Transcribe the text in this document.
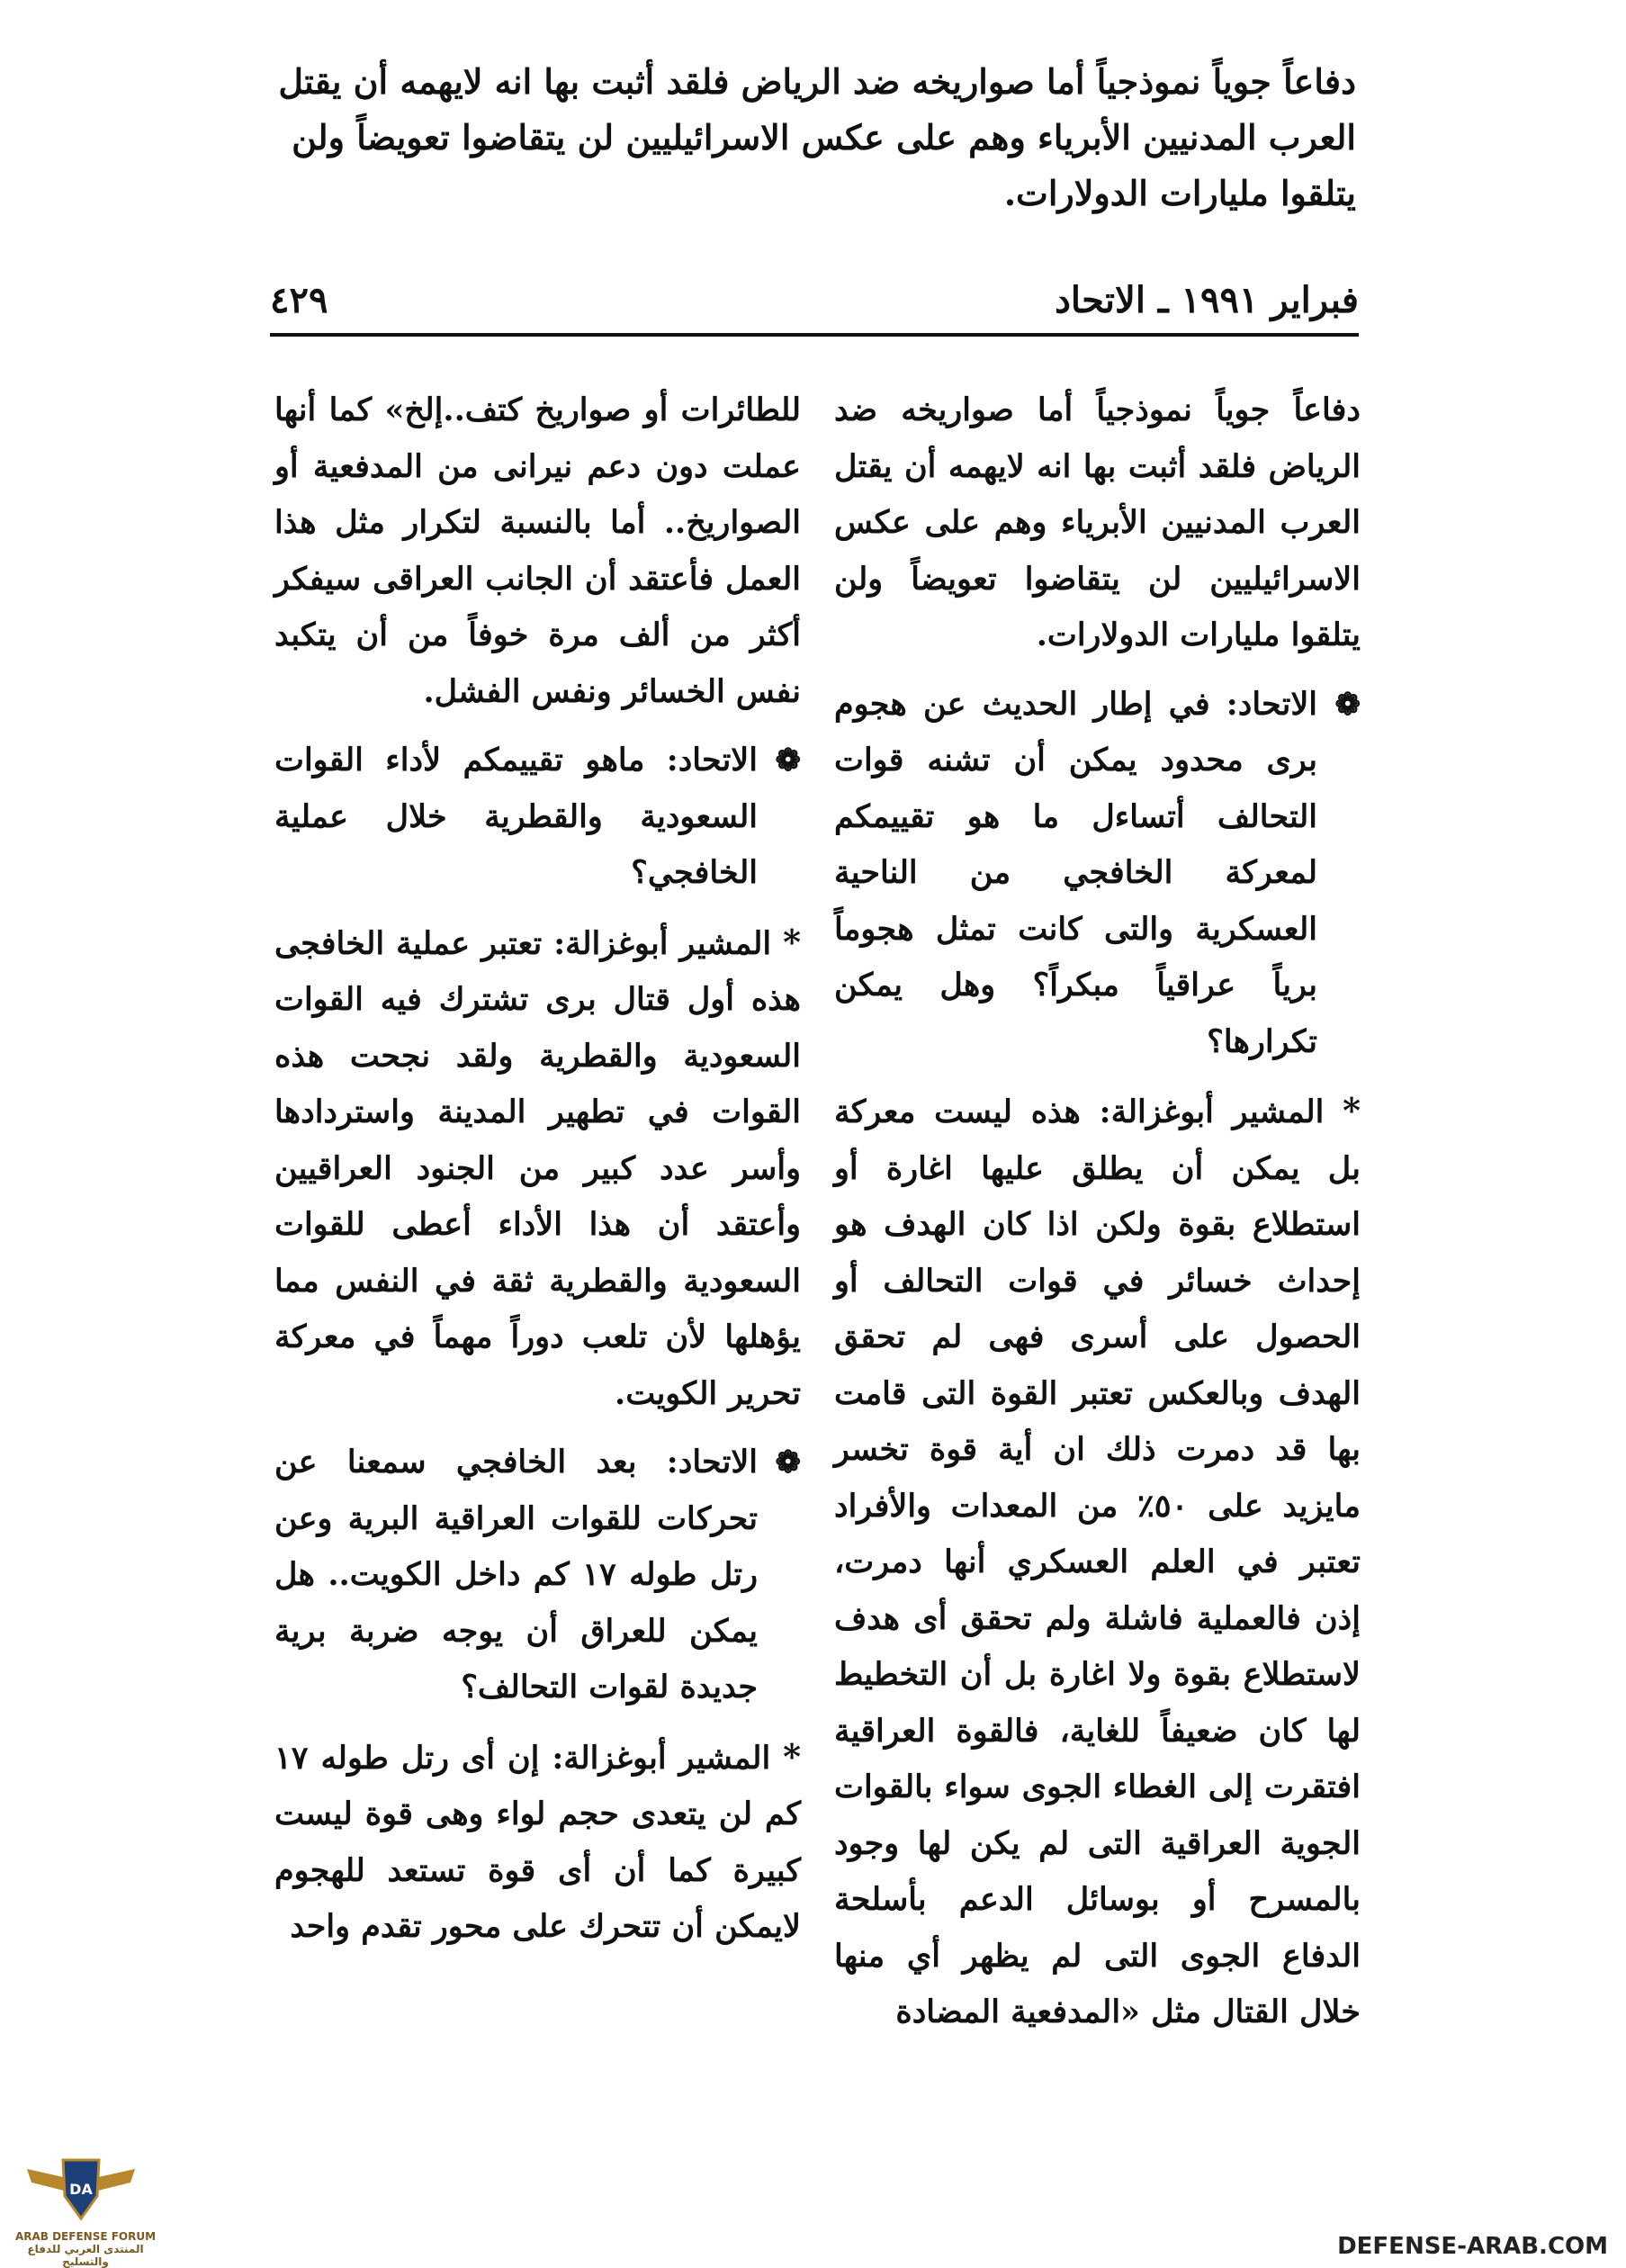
دفاعاً جوياً نموذجياً أما صواريخه ضد الرياض فلقد أثبت بها انه لايهمه أن يقتل العرب المدنيين الأبرياء وهم على عكس الاسرائيليين لن يتقاضوا تعويضاً ولن يتلقوا مليارات الدولارات.
فبراير ١٩٩١ ـ الاتحاد
٤٢٩

دفاعاً جوياً نموذجياً أما صواريخه ضد الرياض فلقد أثبت بها انه لايهمه أن يقتل العرب المدنيين الأبرياء وهم على عكس الاسرائيليين لن يتقاضوا تعويضاً ولن يتلقوا مليارات الدولارات.

❁
الاتحاد: في إطار الحديث عن هجوم برى محدود يمكن أن تشنه قوات التحالف أتساءل ما هو تقييمكم لمعركة الخافجي من الناحية العسكرية والتى كانت تمثل هجوماً برياً عراقياً مبكراً؟ وهل يمكن تكرارها؟

* المشير أبوغزالة: هذه ليست معركة بل يمكن أن يطلق عليها اغارة أو استطلاع بقوة ولكن اذا كان الهدف هو إحداث خسائر في قوات التحالف أو الحصول على أسرى فهى لم تحقق الهدف وبالعكس تعتبر القوة التى قامت بها قد دمرت ذلك ان أية قوة تخسر مايزيد على ٥٠٪ من المعدات والأفراد تعتبر في العلم العسكري أنها دمرت، إذن فالعملية فاشلة ولم تحقق أى هدف لاستطلاع بقوة ولا اغارة بل أن التخطيط لها كان ضعيفاً للغاية، فالقوة العراقية افتقرت إلى الغطاء الجوى سواء بالقوات الجوية العراقية التى لم يكن لها وجود بالمسرح أو بوسائل الدعم بأسلحة الدفاع الجوى التى لم يظهر أي منها خلال القتال مثل «المدفعية المضادة

للطائرات أو صواريخ كتف..إلخ» كما أنها عملت دون دعم نيرانى من المدفعية أو الصواريخ.. أما بالنسبة لتكرار مثل هذا العمل فأعتقد أن الجانب العراقى سيفكر أكثر من ألف مرة خوفاً من أن يتكبد نفس الخسائر ونفس الفشل.

❁
الاتحاد: ماهو تقييمكم لأداء القوات السعودية والقطرية خلال عملية الخافجي؟

* المشير أبوغزالة: تعتبر عملية الخافجى هذه أول قتال برى تشترك فيه القوات السعودية والقطرية ولقد نجحت هذه القوات في تطهير المدينة واستردادها وأسر عدد كبير من الجنود العراقيين وأعتقد أن هذا الأداء أعطى للقوات السعودية والقطرية ثقة في النفس مما يؤهلها لأن تلعب دوراً مهماً في معركة تحرير الكويت.

❁
الاتحاد: بعد الخافجي سمعنا عن تحركات للقوات العراقية البرية وعن رتل طوله ١٧ كم داخل الكويت.. هل يمكن للعراق أن يوجه ضربة برية جديدة لقوات التحالف؟

* المشير أبوغزالة: إن أى رتل طوله ١٧ كم لن يتعدى حجم لواء وهى قوة ليست كبيرة كما أن أى قوة تستعد للهجوم لايمكن أن تتحرك على محور تقدم واحد

DA
ARAB DEFENSE FORUM
المنتدى العربي للدفاع والتسليح
DEFENSE-ARAB.COM
